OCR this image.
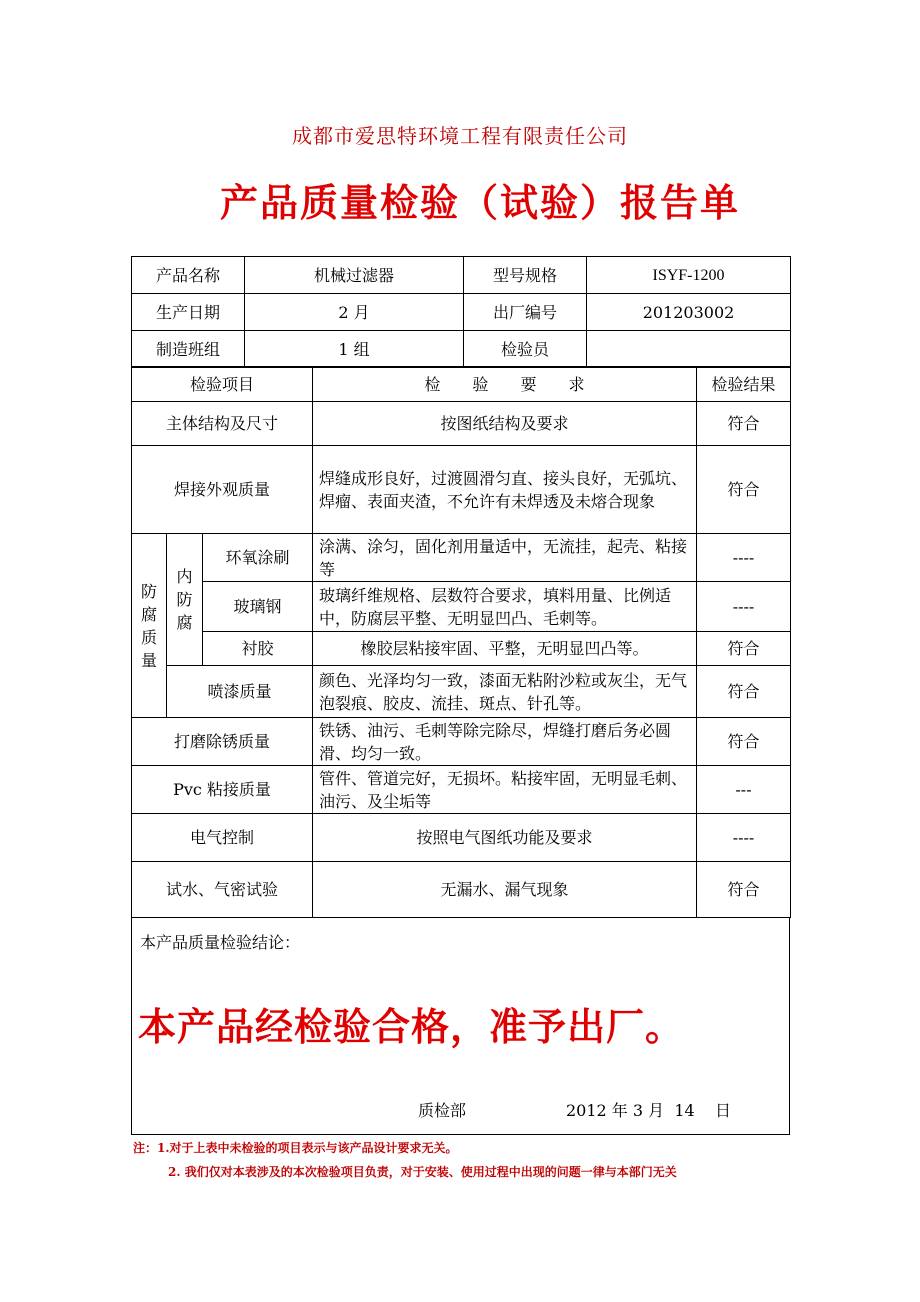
成都市爱思特环境工程有限责任公司
产品质量检验（试验）报告单
产品名称	机械过滤器	型号规格	ISYF-1200
生产日期	2 月	出厂编号	201203002
制造班组	1 组	检验员	
检验项目			检　　验　　要　　求	检验结果
主体结构及尺寸			按图纸结构及要求	符合
焊接外观质量			焊缝成形良好，过渡圆滑匀直、接头良好，无弧坑、焊瘤、表面夹渣，不允许有未焊透及未熔合现象	符合

防腐质量	内防腐	环氧涂刷	涂满、涂匀，固化剂用量适中，无流挂，起壳、粘接等	----
		玻璃钢	玻璃纤维规格、层数符合要求，填料用量、比例适中，防腐层平整、无明显凹凸、毛刺等。	----
		衬胶	橡胶层粘接牢固、平整，无明显凹凸等。	符合
	喷漆质量		颜色、光泽均匀一致，漆面无粘附沙粒或灰尘，无气泡裂痕、胶皮、流挂、斑点、针孔等。	符合
打磨除锈质量			铁锈、油污、毛刺等除完除尽，焊缝打磨后务必圆滑、均匀一致。	符合
Pvc 粘接质量			管件、管道完好，无损坏。粘接牢固，无明显毛刺、油污、及尘垢等	---
电气控制			按照电气图纸功能及要求	----
试水、气密试验			无漏水、漏气现象	符合
本产品质量检验结论：
本产品经检验合格，准予出厂。
质检部	2012 年 3 月  14    日
注：1.对于上表中未检验的项目表示与该产品设计要求无关。
2. 我们仅对本表涉及的本次检验项目负责，对于安装、使用过程中出现的问题一律与本部门无关
